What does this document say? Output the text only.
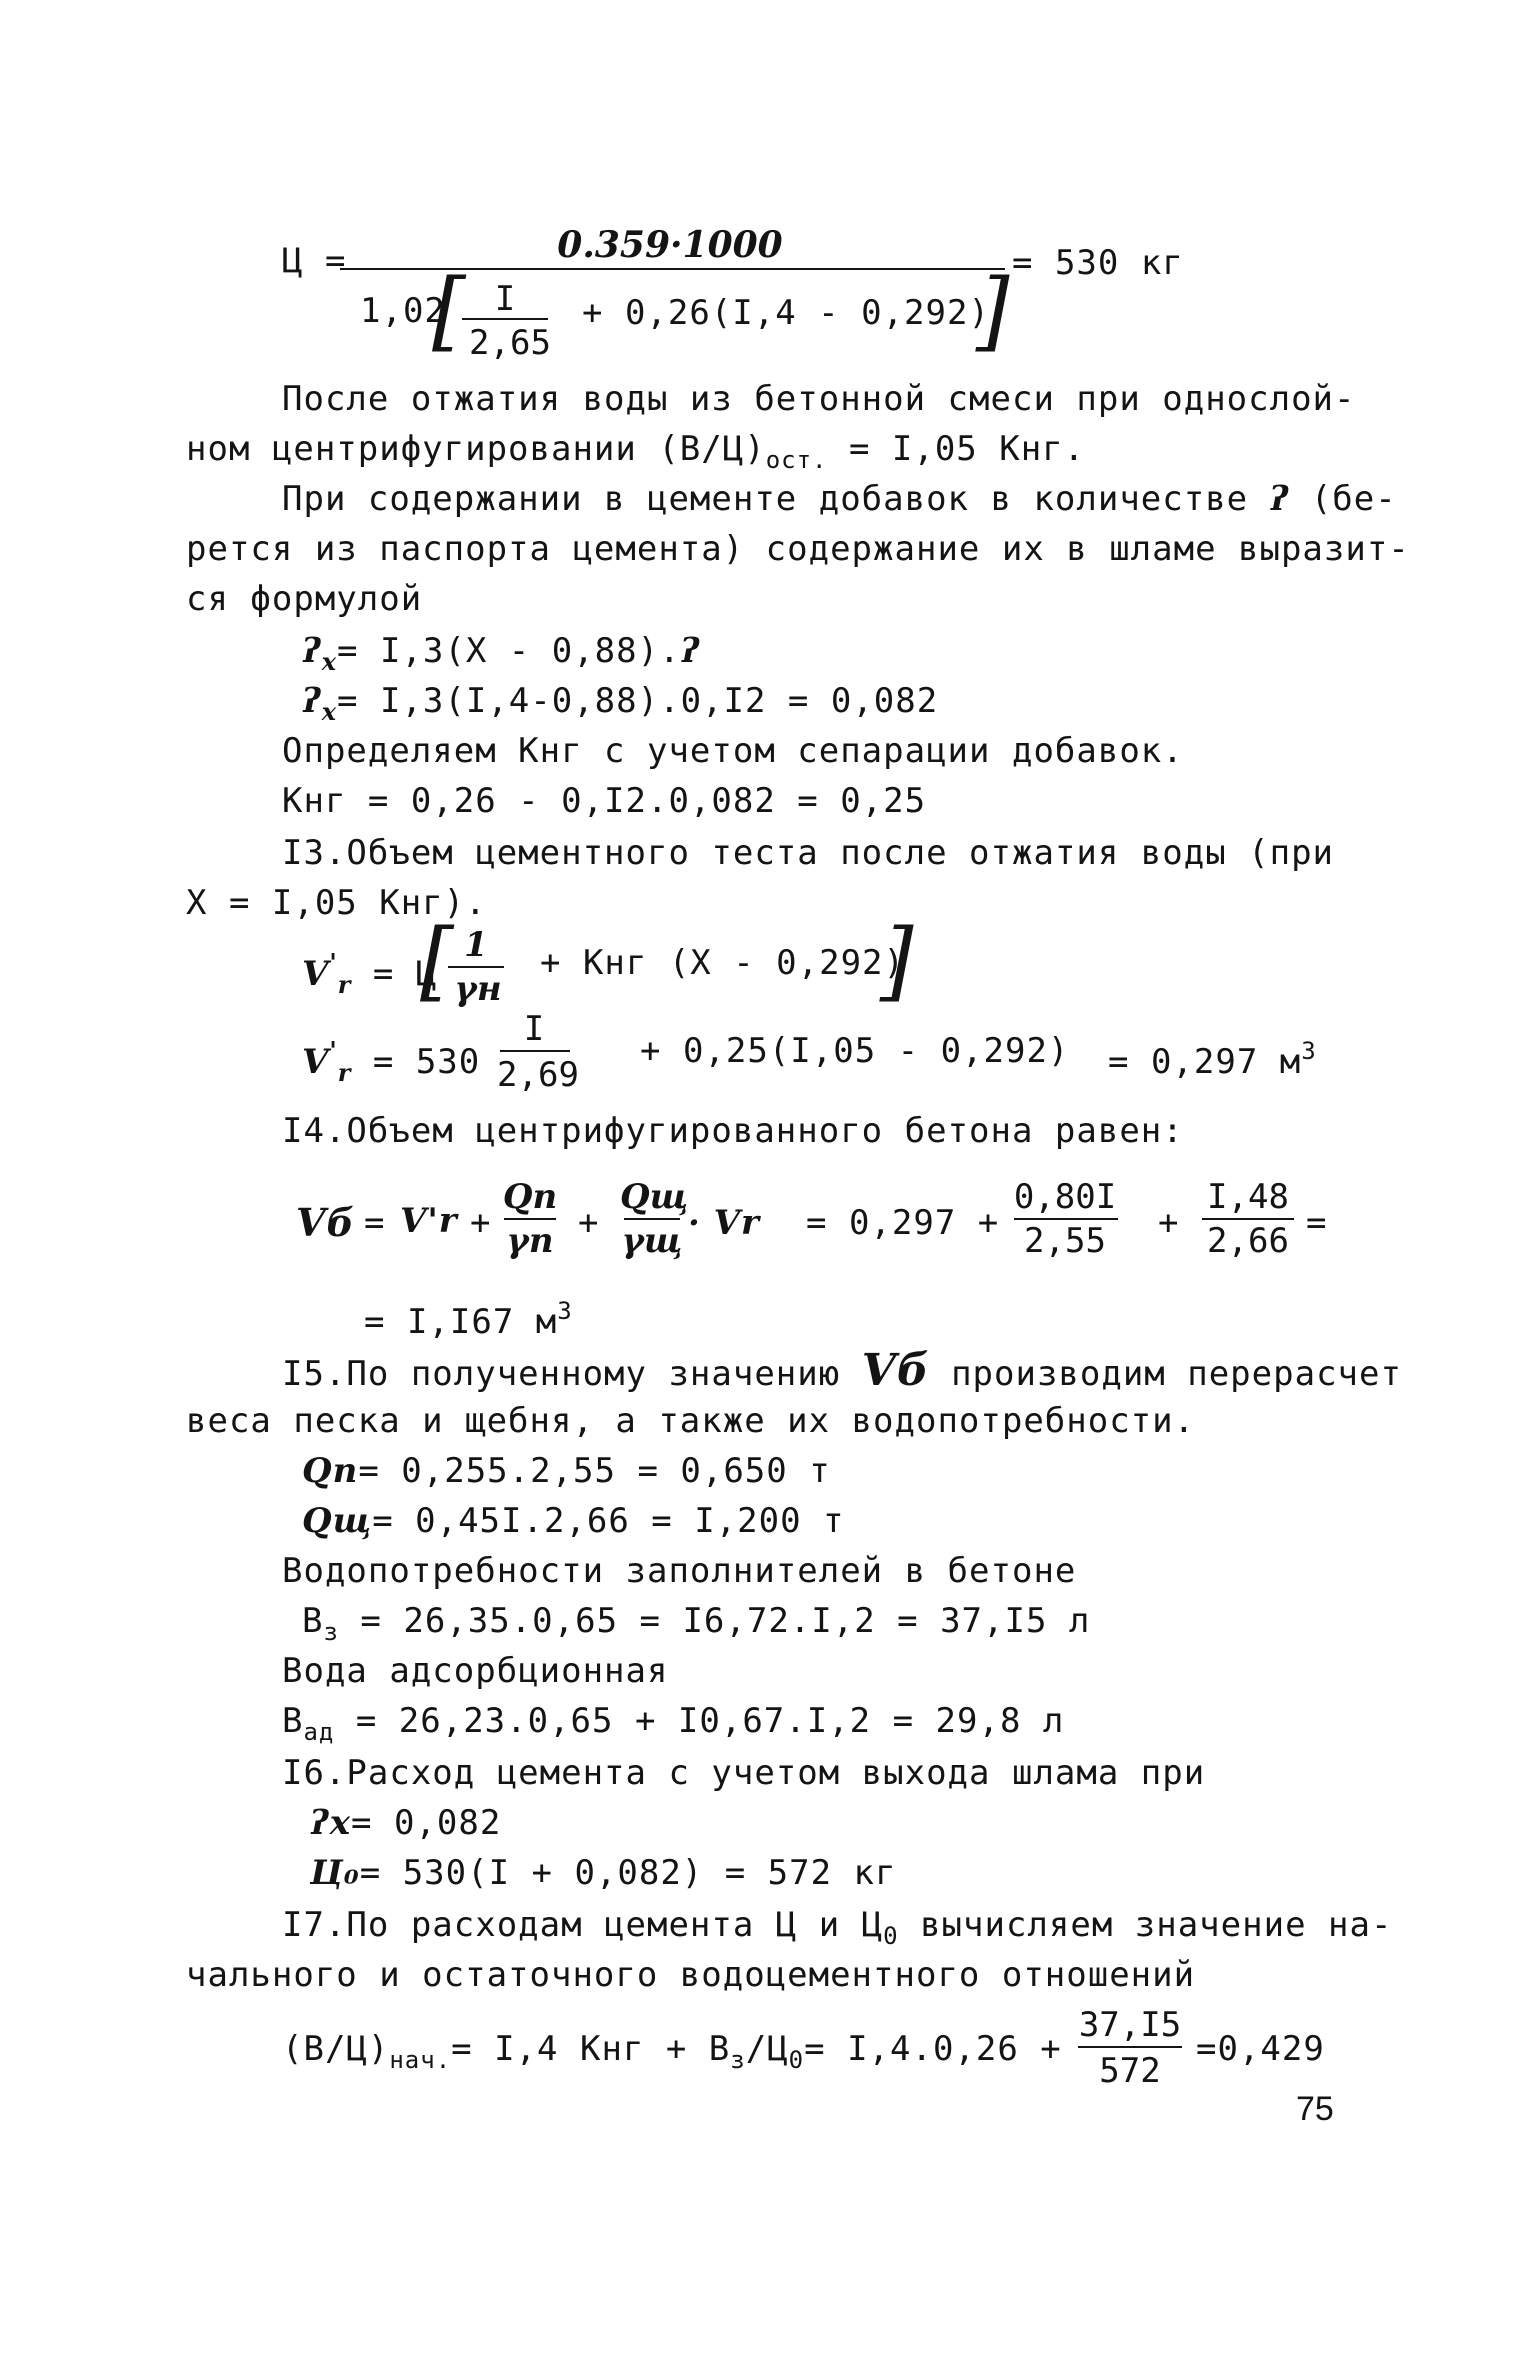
Ц =	0.359·1000	= 530 кг
1,02
[ I
2,65
+ 0,26(I,4 - 0,292)
]
После отжатия воды из бетонной смеси при однослой-
ном центрифугировании $(В/Ц)_{ост.} = I,05$ Кнг.
При содержании в цементе добавок в количестве ʔ (бе-
рется из паспорта цемента) содержание их в шламе выразит-
ся формулой
ʔ$_x$= I,3(X - 0,88).ʔ
ʔ$_x$= I,3(I,4-0,88).0,I2 = 0,082
Определяем Кнг с учетом сепарации добавок.
Кнг = 0,26 - 0,I2.0,082 = 0,25
I3.Объем цементного теста после отжатия воды (при
X = I,05 Кнг).
$V'_r = Ц$
[ 1
γн
+ Кнг (X - 0,292)
]
$V'_r = 530$
I
2,69
+ 0,25(I,05 - 0,292) = 0,297 $м^3$
I4.Объем центрифугированного бетона равен:
Vб = V'r +
Qп
γп +
Qщ
γщ · Vr = 0,297 +
0,80I
2,55	+
I,48
2,66 =
= I,I67 $м^3$
I5.По полученному значению Vб производим перерасчет
веса песка и щебня, а также их водопотребности.
Qп= 0,255.2,55 = 0,650 т
Qщ= 0,45I.2,66 = I,200 т
Водопотребности заполнителей в бетоне
$В_з = 26,35.0,65 = I6,72.I,2 = 37,I5$ л
Вода адсорбционная
$В_{ад} = 26,23.0,65 + I0,67.I,2 = 29,8$ л
I6.Расход цемента с учетом выхода шлама при
ʔх= 0,082
Ц₀= 530(I + 0,082) = 572 кг
I7.По расходам цемента Ц и $Ц_0$ вычисляем значение на-
чального и остаточного водоцементного отношений
$(В/Ц)_{нач.}= I,4$ Кнг + $В_з/Ц_0= I,4.0,26$ +
37,I5
572
=0,429
75
